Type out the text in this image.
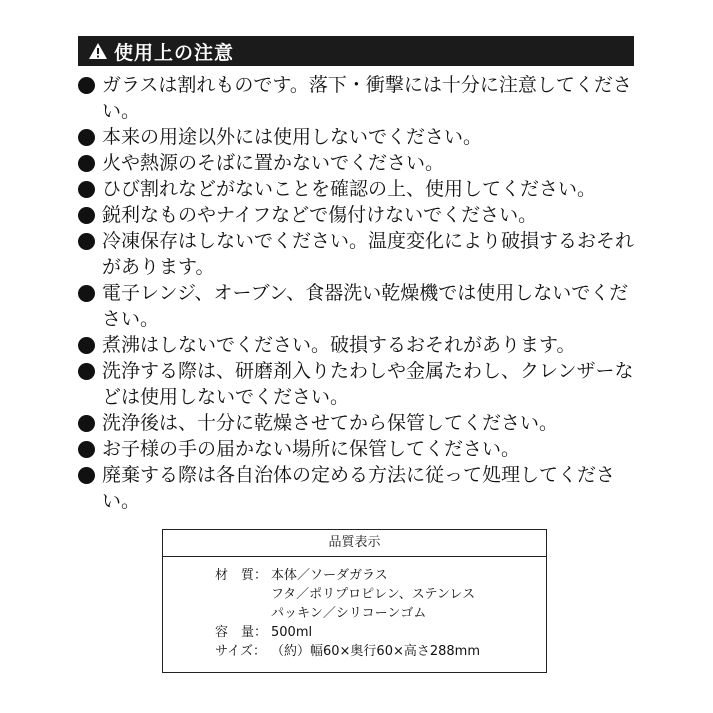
使用上の注意
ガラスは割れものです。落下・衝撃には十分に注意してください。
本来の用途以外には使用しないでください。
火や熱源のそばに置かないでください。
ひび割れなどがないことを確認の上、使用してください。
鋭利なものやナイフなどで傷付けないでください。
冷凍保存はしないでください。温度変化により破損するおそれがあります。
電子レンジ、オーブン、食器洗い乾燥機では使用しないでください。
煮沸はしないでください。破損するおそれがあります。
洗浄する際は、研磨剤入りたわしや金属たわし、クレンザーなどは使用しないでください。
洗浄後は、十分に乾燥させてから保管してください。
お子様の手の届かない場所に保管してください。
廃棄する際は各自治体の定める方法に従って処理してください。
品質表示
材　質： 本体／ソーダガラス
フタ／ポリプロピレン、ステンレス
パッキン／シリコーンゴム
容　量： 500ml
サイズ： （約）幅60×奥行60×高さ288mm
